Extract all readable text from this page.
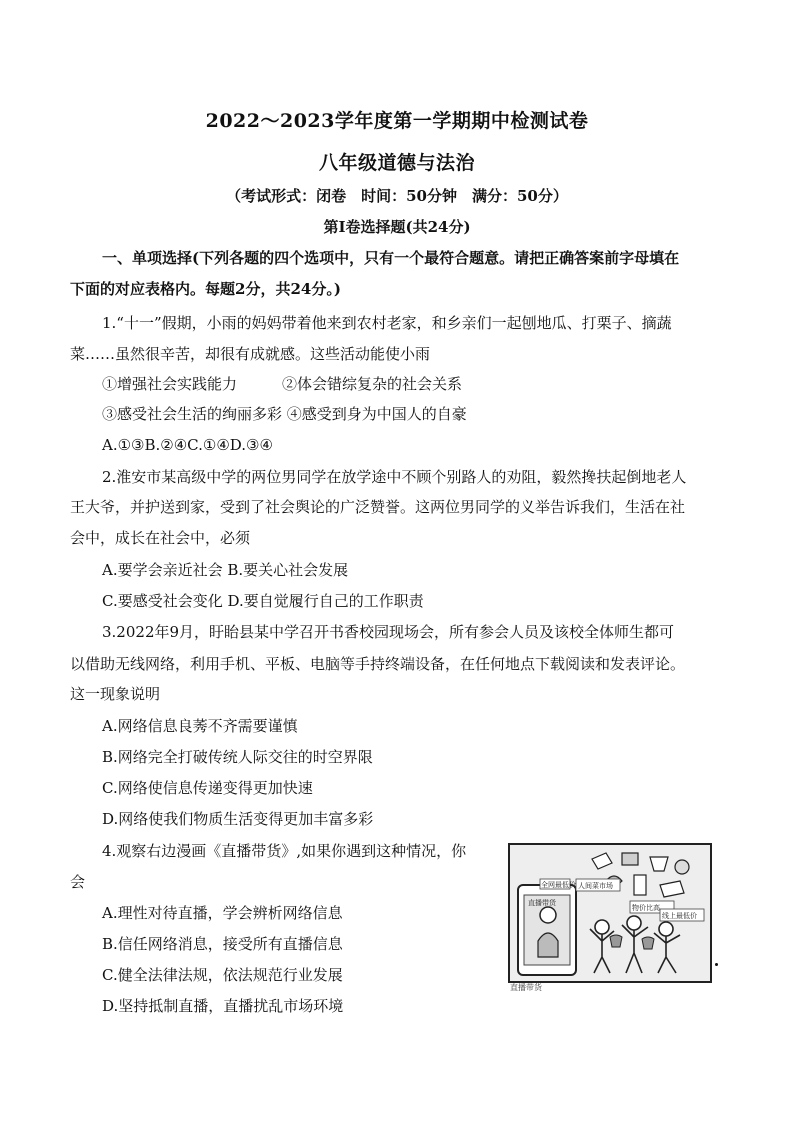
2022～2023学年度第一学期期中检测试卷
八年级道德与法治
（考试形式：闭卷　时间：50分钟　满分：50分）
第Ⅰ卷选择题(共24分)
一、单项选择(下列各题的四个选项中，只有一个最符合题意。请把正确答案前字母填在
下面的对应表格内。每题2分，共24分。)
1.“十一”假期，小雨的妈妈带着他来到农村老家，和乡亲们一起刨地瓜、打栗子、摘蔬
菜……虽然很辛苦，却很有成就感。这些活动能使小雨
①增强社会实践能力　　　②体会错综复杂的社会关系
③感受社会生活的绚丽多彩 ④感受到身为中国人的自豪
A.①③B.②④C.①④D.③④
2.淮安市某高级中学的两位男同学在放学途中不顾个别路人的劝阻，毅然搀扶起倒地老人
王大爷，并护送到家，受到了社会舆论的广泛赞誉。这两位男同学的义举告诉我们，生活在社
会中，成长在社会中，必须
A.要学会亲近社会 B.要关心社会发展
C.要感受社会变化 D.要自觉履行自己的工作职责
3.2022年9月，盱眙县某中学召开书香校园现场会，所有参会人员及该校全体师生都可
以借助无线网络，利用手机、平板、电脑等手持终端设备，在任何地点下载阅读和发表评论。
这一现象说明
A.网络信息良莠不齐需要谨慎
B.网络完全打破传统人际交往的时空界限
C.网络使信息传递变得更加快速
D.网络使我们物质生活变得更加丰富多彩
4.观察右边漫画《直播带货》,如果你遇到这种情况，你
会
A.理性对待直播，学会辨析网络信息
B.信任网络消息，接受所有直播信息
C.健全法律法规，依法规范行业发展
D.坚持抵制直播，直播扰乱市场环境
人间菜市场
物价比高
全网最低价
直播带货
线上最低价
直播带货
